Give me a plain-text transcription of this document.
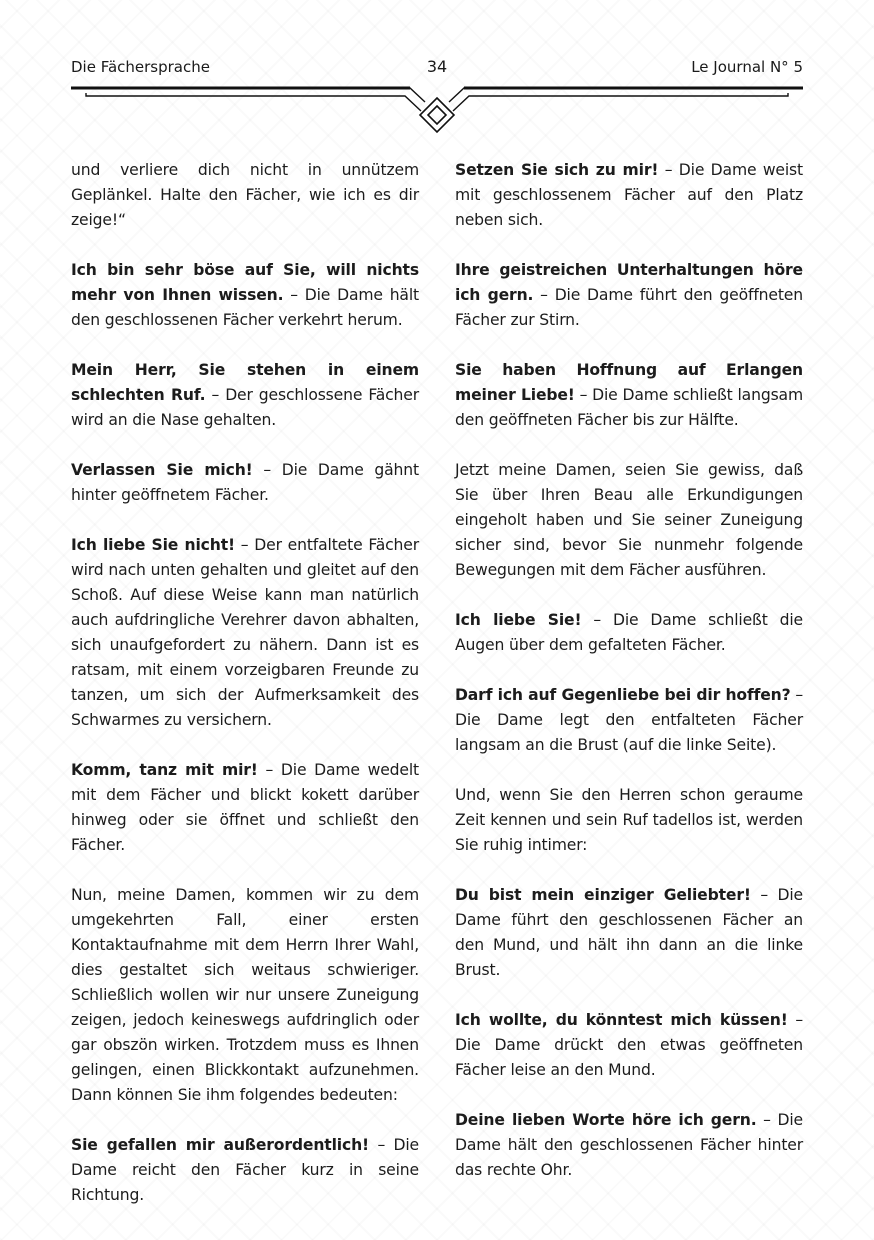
Die Fächersprache	34	Le Journal N° 5

und verliere dich nicht in unnützem Geplänkel. Halte den Fächer, wie ich es dir zeige!“

Ich bin sehr böse auf Sie, will nichts mehr von Ihnen wissen. – Die Dame hält den geschlossenen Fächer verkehrt herum.

Mein Herr, Sie stehen in einem schlechten Ruf. – Der geschlossene Fächer wird an die Nase gehalten.

Verlassen Sie mich! – Die Dame gähnt hinter geöffnetem Fächer.

Ich liebe Sie nicht! – Der entfaltete Fächer wird nach unten gehalten und gleitet auf den Schoß. Auf diese Weise kann man natürlich auch aufdringliche Verehrer davon abhalten, sich unaufgefordert zu nähern. Dann ist es ratsam, mit einem vorzeigbaren Freunde zu tanzen, um sich der Aufmerksamkeit des Schwarmes zu versichern.

Komm, tanz mit mir! – Die Dame wedelt mit dem Fächer und blickt kokett darüber hinweg oder sie öffnet und schließt den Fächer.

Nun, meine Damen, kommen wir zu dem umgekehrten Fall, einer ersten Kontaktaufnahme mit dem Herrn Ihrer Wahl, dies gestaltet sich weitaus schwieriger. Schließlich wollen wir nur unsere Zuneigung zeigen, jedoch keineswegs aufdringlich oder gar obszön wirken. Trotzdem muss es Ihnen gelingen, einen Blickkontakt aufzunehmen. Dann können Sie ihm folgendes bedeuten:

Sie gefallen mir außerordentlich! – Die Dame reicht den Fächer kurz in seine Richtung.

Setzen Sie sich zu mir! – Die Dame weist mit geschlossenem Fächer auf den Platz neben sich.

Ihre geistreichen Unterhaltungen höre ich gern. – Die Dame führt den geöffneten Fächer zur Stirn.

Sie haben Hoffnung auf Erlangen meiner Liebe! – Die Dame schließt langsam den geöffneten Fächer bis zur Hälfte.

Jetzt meine Damen, seien Sie gewiss, daß Sie über Ihren Beau alle Erkundigungen eingeholt haben und Sie seiner Zuneigung sicher sind, bevor Sie nunmehr folgende Bewegungen mit dem Fächer ausführen.

Ich liebe Sie! – Die Dame schließt die Augen über dem gefalteten Fächer.

Darf ich auf Gegenliebe bei dir hoffen? – Die Dame legt den entfalteten Fächer langsam an die Brust (auf die linke Seite).

Und, wenn Sie den Herren schon geraume Zeit kennen und sein Ruf tadellos ist, werden Sie ruhig intimer:

Du bist mein einziger Geliebter! – Die Dame führt den geschlossenen Fächer an den Mund, und hält ihn dann an die linke Brust.

Ich wollte, du könntest mich küssen! – Die Dame drückt den etwas geöffneten Fächer leise an den Mund.

Deine lieben Worte höre ich gern. – Die Dame hält den geschlossenen Fächer hinter das rechte Ohr.
